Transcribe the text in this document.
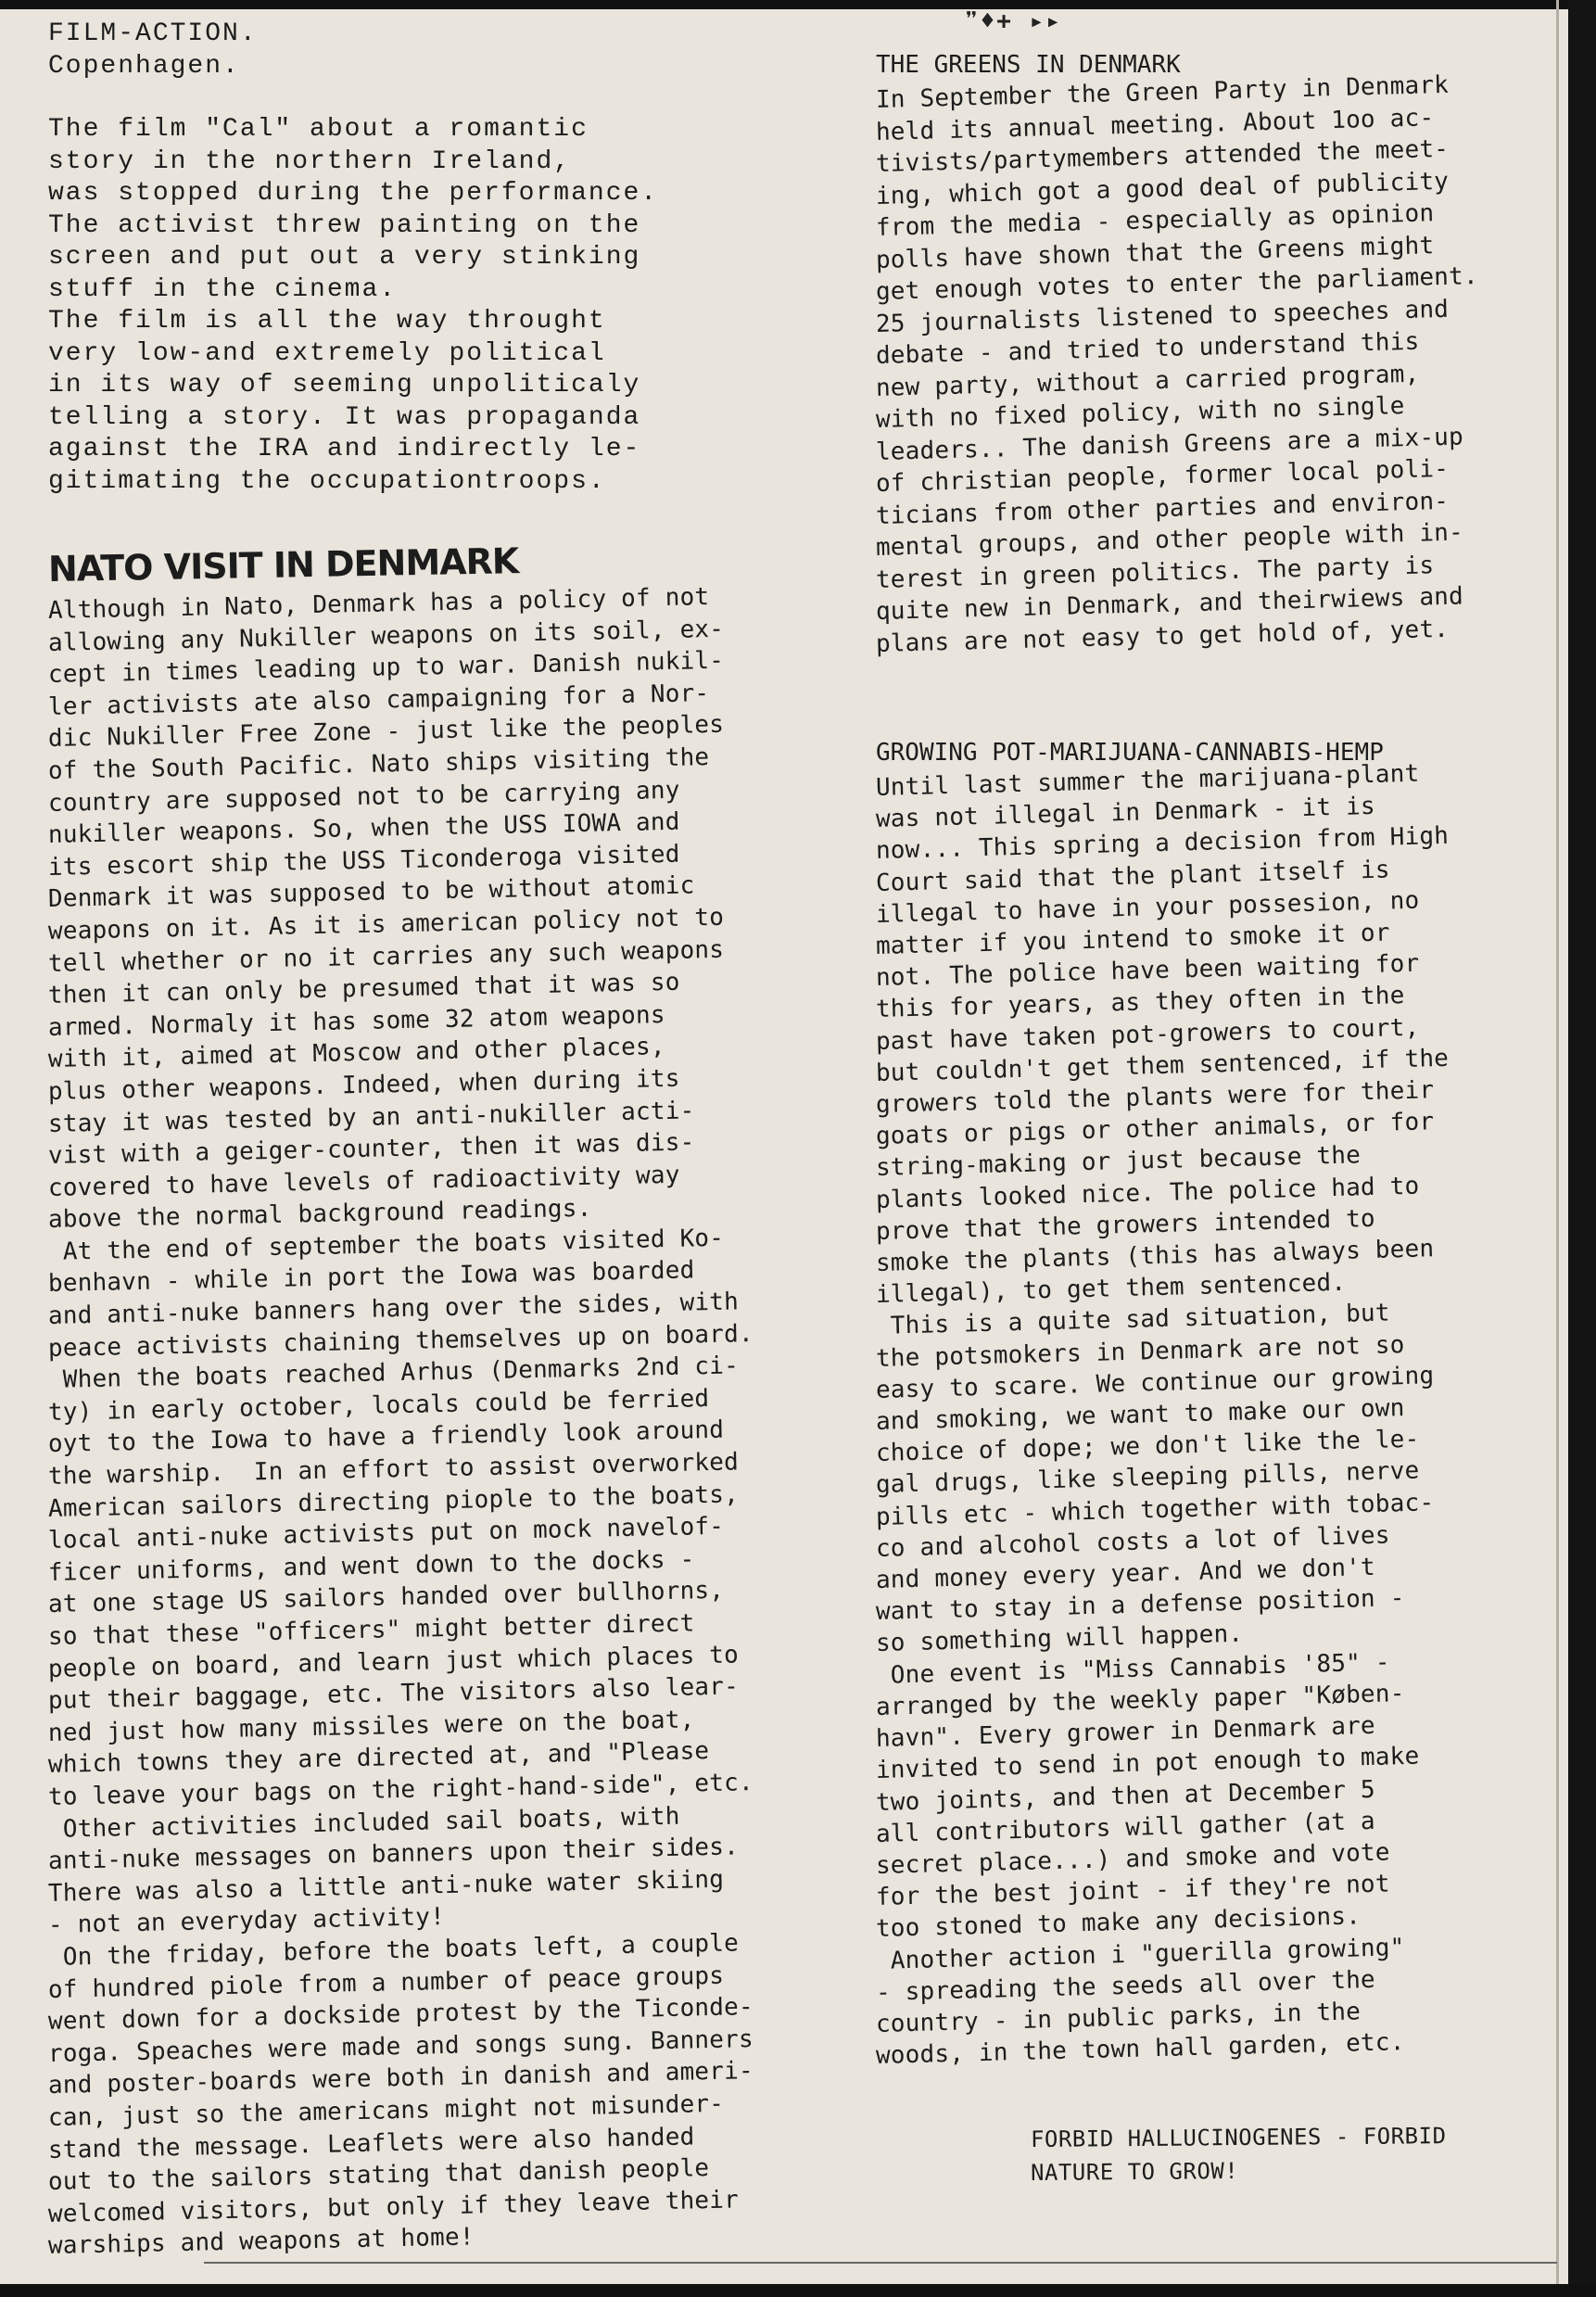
❞♦+ ▸▸
FILM-ACTION.
Copenhagen.
The film "Cal" about a romantic
story in the northern Ireland,
was stopped during the performance.
The activist threw painting on the
screen and put out a very stinking
stuff in the cinema.
The film is all the way throught
very low-and extremely political
in its way of seeming unpoliticaly
telling a story. It was propaganda
against the IRA and indirectly le-
gitimating the occupationtroops.
NATO VISIT IN DENMARK
Although in Nato, Denmark has a policy of not
allowing any Nukiller weapons on its soil, ex-
cept in times leading up to war. Danish nukil-
ler activists ate also campaigning for a Nor-
dic Nukiller Free Zone - just like the peoples
of the South Pacific. Nato ships visiting the
country are supposed not to be carrying any
nukiller weapons. So, when the USS IOWA and
its escort ship the USS Ticonderoga visited
Denmark it was supposed to be without atomic
weapons on it. As it is american policy not to
tell whether or no it carries any such weapons
then it can only be presumed that it was so
armed. Normaly it has some 32 atom weapons
with it, aimed at Moscow and other places,
plus other weapons. Indeed, when during its
stay it was tested by an anti-nukiller acti-
vist with a geiger-counter, then it was dis-
covered to have levels of radioactivity way
above the normal background readings.
At the end of september the boats visited Ko-
benhavn - while in port the Iowa was boarded
and anti-nuke banners hang over the sides, with
peace activists chaining themselves up on board.
When the boats reached Arhus (Denmarks 2nd ci-
ty) in early october, locals could be ferried
oyt to the Iowa to have a friendly look around
the warship.  In an effort to assist overworked
American sailors directing piople to the boats,
local anti-nuke activists put on mock navelof-
ficer uniforms, and went down to the docks -
at one stage US sailors handed over bullhorns,
so that these "officers" might better direct
people on board, and learn just which places to
put their baggage, etc. The visitors also lear-
ned just how many missiles were on the boat,
which towns they are directed at, and "Please
to leave your bags on the right-hand-side", etc.
Other activities included sail boats, with
anti-nuke messages on banners upon their sides.
There was also a little anti-nuke water skiing
- not an everyday activity!
On the friday, before the boats left, a couple
of hundred piole from a number of peace groups
went down for a dockside protest by the Ticonde-
roga. Speaches were made and songs sung. Banners
and poster-boards were both in danish and ameri-
can, just so the americans might not misunder-
stand the message. Leaflets were also handed
out to the sailors stating that danish people
welcomed visitors, but only if they leave their
warships and weapons at home!
THE GREENS IN DENMARK
In September the Green Party in Denmark
held its annual meeting. About 1oo ac-
tivists/partymembers attended the meet-
ing, which got a good deal of publicity
from the media - especially as opinion
polls have shown that the Greens might
get enough votes to enter the parliament.
25 journalists listened to speeches and
debate - and tried to understand this
new party, without a carried program,
with no fixed policy, with no single
leaders.. The danish Greens are a mix-up
of christian people, former local poli-
ticians from other parties and environ-
mental groups, and other people with in-
terest in green politics. The party is
quite new in Denmark, and theirwiews and
plans are not easy to get hold of, yet.
GROWING POT-MARIJUANA-CANNABIS-HEMP
Until last summer the marijuana-plant
was not illegal in Denmark - it is
now... This spring a decision from High
Court said that the plant itself is
illegal to have in your possesion, no
matter if you intend to smoke it or
not. The police have been waiting for
this for years, as they often in the
past have taken pot-growers to court,
but couldn't get them sentenced, if the
growers told the plants were for their
goats or pigs or other animals, or for
string-making or just because the
plants looked nice. The police had to
prove that the growers intended to
smoke the plants (this has always been
illegal), to get them sentenced.
This is a quite sad situation, but
the potsmokers in Denmark are not so
easy to scare. We continue our growing
and smoking, we want to make our own
choice of dope; we don't like the le-
gal drugs, like sleeping pills, nerve
pills etc - which together with tobac-
co and alcohol costs a lot of lives
and money every year. And we don't
want to stay in a defense position -
so something will happen.
One event is "Miss Cannabis '85" -
arranged by the weekly paper "Køben-
havn". Every grower in Denmark are
invited to send in pot enough to make
two joints, and then at December 5
all contributors will gather (at a
secret place...) and smoke and vote
for the best joint - if they're not
too stoned to make any decisions.
Another action i "guerilla growing"
- spreading the seeds all over the
country - in public parks, in the
woods, in the town hall garden, etc.
FORBID HALLUCINOGENES - FORBID
NATURE TO GROW!
